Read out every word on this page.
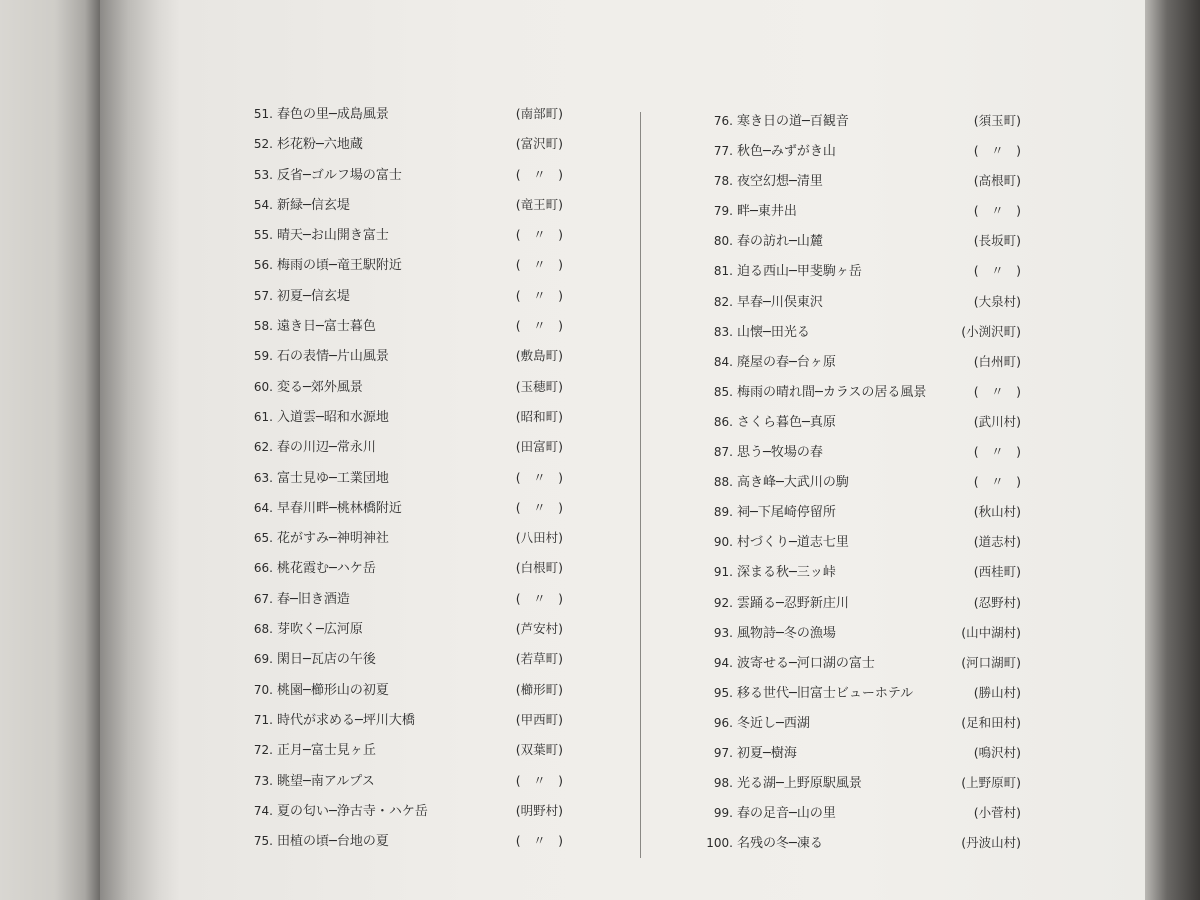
51. 春色の里─成島風景	(南部町)
52. 杉花粉─六地蔵	(富沢町)
53. 反省─ゴルフ場の富士	(　〃　)
54. 新緑─信玄堤	(竜王町)
55. 晴天─お山開き富士	(　〃　)
56. 梅雨の頃─竜王駅附近	(　〃　)
57. 初夏─信玄堤	(　〃　)
58. 遠き日─富士暮色	(　〃　)
59. 石の表情─片山風景	(敷島町)
60. 変る─郊外風景	(玉穂町)
61. 入道雲─昭和水源地	(昭和町)
62. 春の川辺─常永川	(田富町)
63. 富士見ゆ─工業団地	(　〃　)
64. 早春川畔─桃林橋附近	(　〃　)
65. 花がすみ─神明神社	(八田村)
66. 桃花霞む─ハケ岳	(白根町)
67. 春─旧き酒造	(　〃　)
68. 芽吹く─広河原	(芦安村)
69. 閑日─瓦店の午後	(若草町)
70. 桃園─櫛形山の初夏	(櫛形町)
71. 時代が求める─坪川大橋	(甲西町)
72. 正月─富士見ヶ丘	(双葉町)
73. 眺望─南アルプス	(　〃　)
74. 夏の匂い─浄古寺・ハケ岳	(明野村)
75. 田植の頃─台地の夏	(　〃　)
76. 寒き日の道─百観音	(須玉町)
77. 秋色─みずがき山	(　〃　)
78. 夜空幻想─清里	(高根町)
79. 畔─東井出	(　〃　)
80. 春の訪れ─山麓	(長坂町)
81. 迫る西山─甲斐駒ヶ岳	(　〃　)
82. 早春─川俣東沢	(大泉村)
83. 山懐─田光る	(小渕沢町)
84. 廃屋の春─台ヶ原	(白州町)
85. 梅雨の晴れ間─カラスの居る風景	(　〃　)
86. さくら暮色─真原	(武川村)
87. 思う─牧場の春	(　〃　)
88. 高き峰─大武川の駒	(　〃　)
89. 祠─下尾崎停留所	(秋山村)
90. 村づくり─道志七里	(道志村)
91. 深まる秋─三ッ峠	(西桂町)
92. 雲踊る─忍野新庄川	(忍野村)
93. 風物詩─冬の漁場	(山中湖村)
94. 波寄せる─河口湖の富士	(河口湖町)
95. 移る世代─旧富士ビューホテル	(勝山村)
96. 冬近し─西湖	(足和田村)
97. 初夏─樹海	(鳴沢村)
98. 光る湖─上野原駅風景	(上野原町)
99. 春の足音─山の里	(小菅村)
100. 名残の冬─凍る	(丹波山村)
